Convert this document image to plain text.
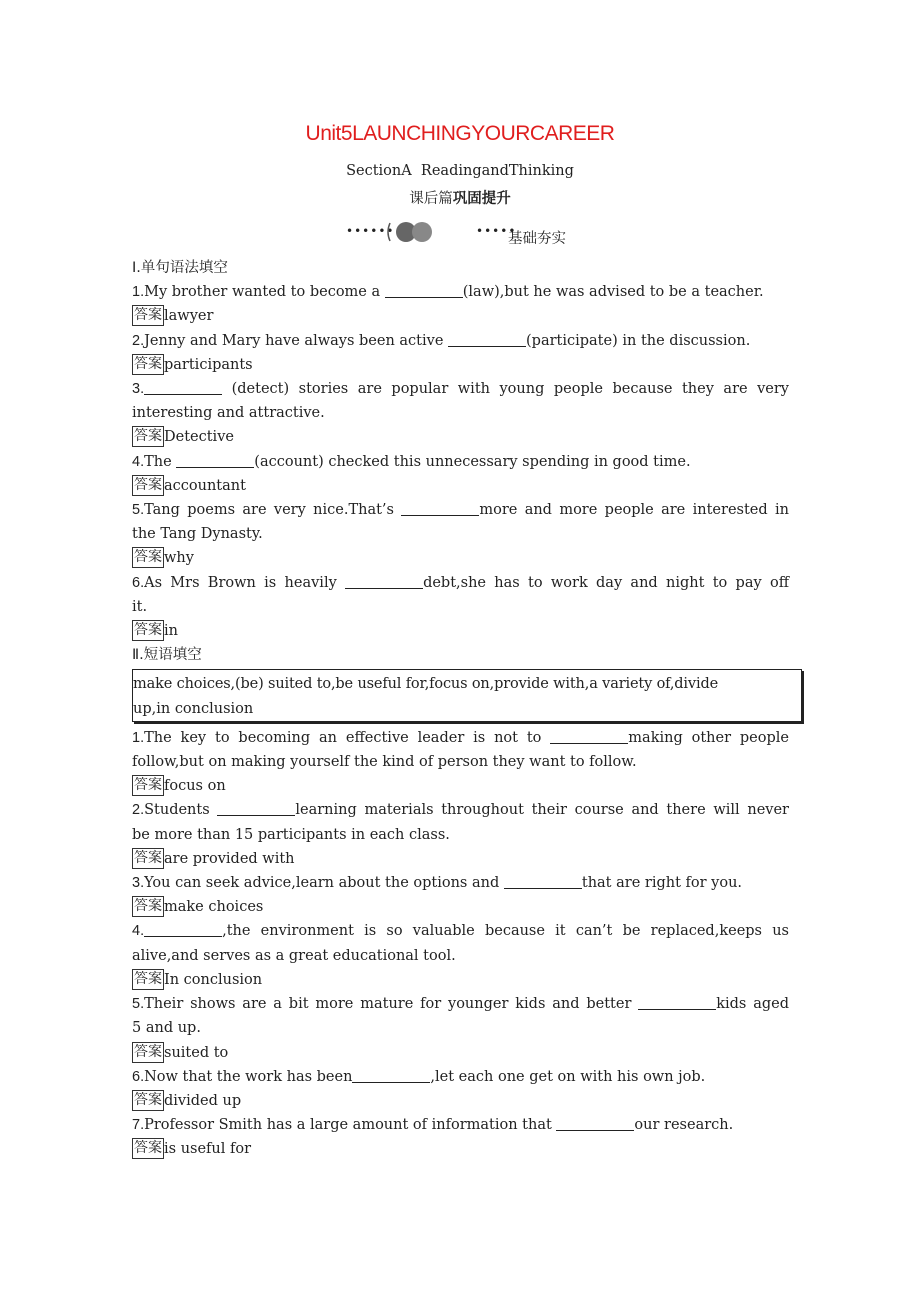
Unit5LAUNCHINGYOURCAREER
SectionA  ReadingandThinking
课后篇巩固提升
••••••	•••••
基础夯实
Ⅰ.单句语法填空
1.My brother wanted to become a	(law),but he was advised to be a teacher.
答案 lawyer
2.Jenny and Mary have always been active	(participate) in the discussion.
答案 participants
3.	(detect) stories are popular with young people because they are very
interesting and attractive.
答案 Detective
4.The	(account) checked this unnecessary spending in good time.
答案 accountant
5.Tang poems are very nice.That’s	more and more people are interested in
the Tang Dynasty.
答案 why
6.As Mrs Brown is heavily	debt,she has to work day and night to pay off
it.
答案 in
Ⅱ.短语填空
make choices,(be) suited to,be useful for,focus on,provide with,a variety of,divide
up,in conclusion
1.The key to becoming an effective leader is not to	making other people
follow,but on making yourself the kind of person they want to follow.
答案 focus on
2.Students	learning materials throughout their course and there will never
be more than 15 participants in each class.
答案 are provided with
3.You can seek advice,learn about the options and	that are right for you.
答案 make choices
4.	,the environment is so valuable because it can’t be replaced,keeps us
alive,and serves as a great educational tool.
答案 In conclusion
5.Their shows are a bit more mature for younger kids and better	kids aged
5 and up.
答案 suited to
6.Now that the work has been	,let each one get on with his own job.
答案 divided up
7.Professor Smith has a large amount of information that	our research.
答案 is useful for
